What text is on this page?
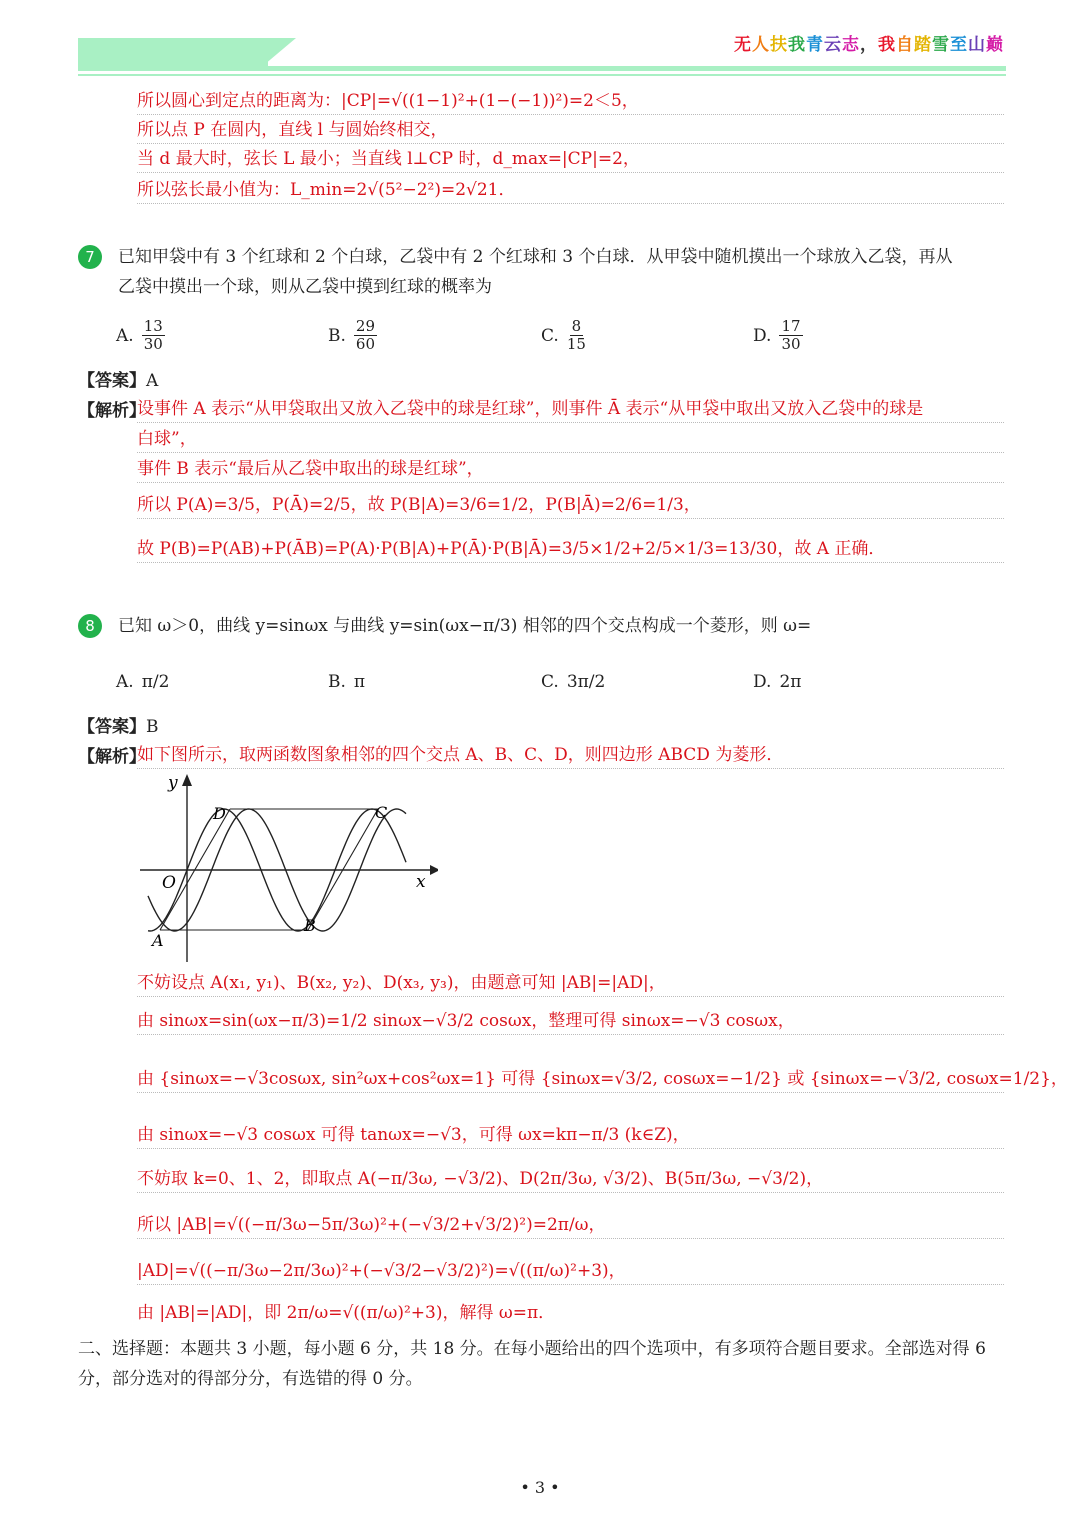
无人扶我青云志，我自踏雪至山巅
所以圆心到定点的距离为：|CP|=√((1−1)²+(1−(−1))²)=2＜5，
所以点 P 在圆内，直线 l 与圆始终相交，
当 d 最大时，弦长 L 最小；当直线 l⊥CP 时，d_max=|CP|=2，
所以弦长最小值为：L_min=2√(5²−2²)=2√21．
7	已知甲袋中有 3 个红球和 2 个白球，乙袋中有 2 个红球和 3 个白球．从甲袋中随机摸出一个球放入乙袋，再从
乙袋中摸出一个球，则从乙袋中摸到红球的概率为
A. $\frac{13}{30}$	B. $\frac{29}{60}$	C. $\frac{8}{15}$	D. $\frac{17}{30}$
【答案】A
【解析】
设事件 A 表示“从甲袋取出又放入乙袋中的球是红球”，则事件 Ā 表示“从甲袋中取出又放入乙袋中的球是
白球”，
事件 B 表示“最后从乙袋中取出的球是红球”，
所以 P(A)=3/5，P(Ā)=2/5，故 P(B|A)=3/6=1/2，P(B|Ā)=2/6=1/3，
故 P(B)=P(AB)+P(ĀB)=P(A)·P(B|A)+P(Ā)·P(B|Ā)=3/5×1/2+2/5×1/3=13/30，故 A 正确．
8	已知 ω＞0，曲线 y=sinωx 与曲线 y=sin(ωx−π/3) 相邻的四个交点构成一个菱形，则 ω=
A. π/2	B. π	C. 3π/2	D. 2π
【答案】B
【解析】
如下图所示，取两函数图象相邻的四个交点 A、B、C、D，则四边形 ABCD 为菱形．
y
x
O
A
B
C
D
不妨设点 A(x₁, y₁)、B(x₂, y₂)、D(x₃, y₃)，由题意可知 |AB|=|AD|，
由 sinωx=sin(ωx−π/3)=1/2 sinωx−√3/2 cosωx，整理可得 sinωx=−√3 cosωx，
由 {sinωx=−√3cosωx, sin²ωx+cos²ωx=1} 可得 {sinωx=√3/2, cosωx=−1/2} 或 {sinωx=−√3/2, cosωx=1/2}，
由 sinωx=−√3 cosωx 可得 tanωx=−√3，可得 ωx=kπ−π/3 (k∈Z)，
不妨取 k=0、1、2，即取点 A(−π/3ω, −√3/2)、D(2π/3ω, √3/2)、B(5π/3ω, −√3/2)，
所以 |AB|=√((−π/3ω−5π/3ω)²+(−√3/2+√3/2)²)=2π/ω，
|AD|=√((−π/3ω−2π/3ω)²+(−√3/2−√3/2)²)=√((π/ω)²+3)，
由 |AB|=|AD|，即 2π/ω=√((π/ω)²+3)，解得 ω=π．
二、选择题：本题共 3 小题，每小题 6 分，共 18 分。在每小题给出的四个选项中，有多项符合题目要求。全部选对得 6 分，部分选对的得部分分，有选错的得 0 分。
• 3 •
